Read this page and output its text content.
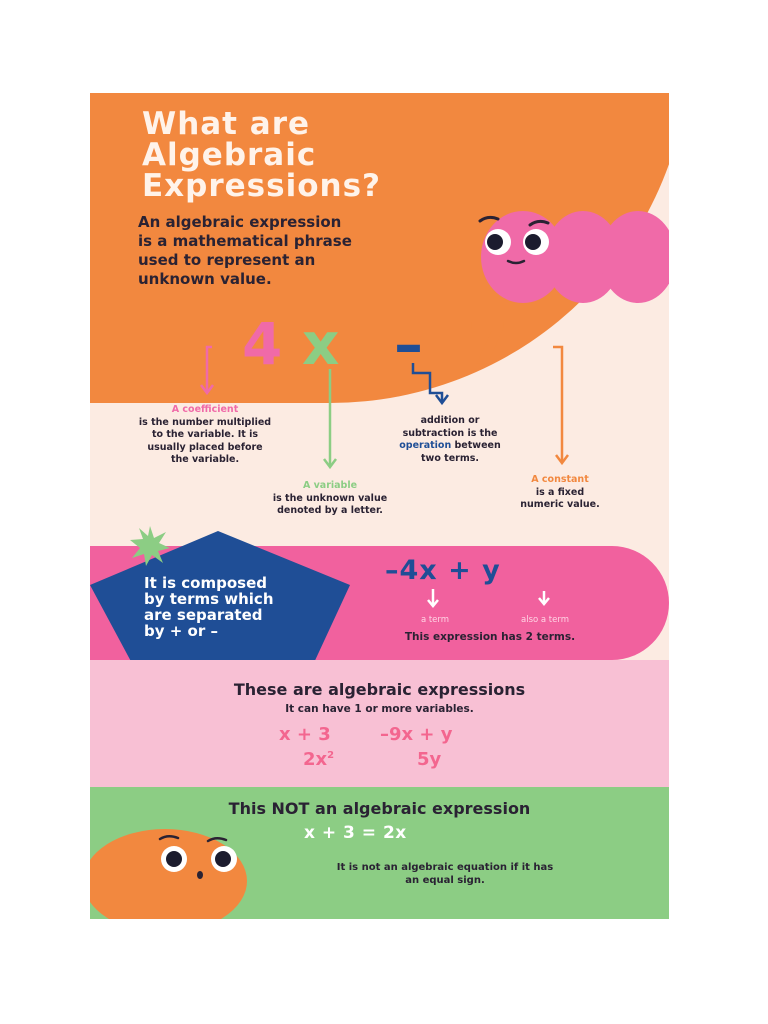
What are
Algebraic
Expressions?
An algebraic expression
is a mathematical phrase
used to represent an
unknown value.
4 x – 7
A coefficient
is the number multiplied
to the variable. It is
usually placed before
the variable.
addition or
subtraction is the
operation between
two terms.
A variable
is the unknown value
denoted by a letter.
A constant
is a fixed
numeric value.
It is composed
by terms which
are separated
by + or –
–4x + y
a term	also a term
This expression has 2 terms.
These are algebraic expressions
It can have 1 or more variables.
x + 3	–9x + y
$2x^2$	5y
This NOT an algebraic expression
x + 3 = 2x
It is not an algebraic equation if it has
an equal sign.
